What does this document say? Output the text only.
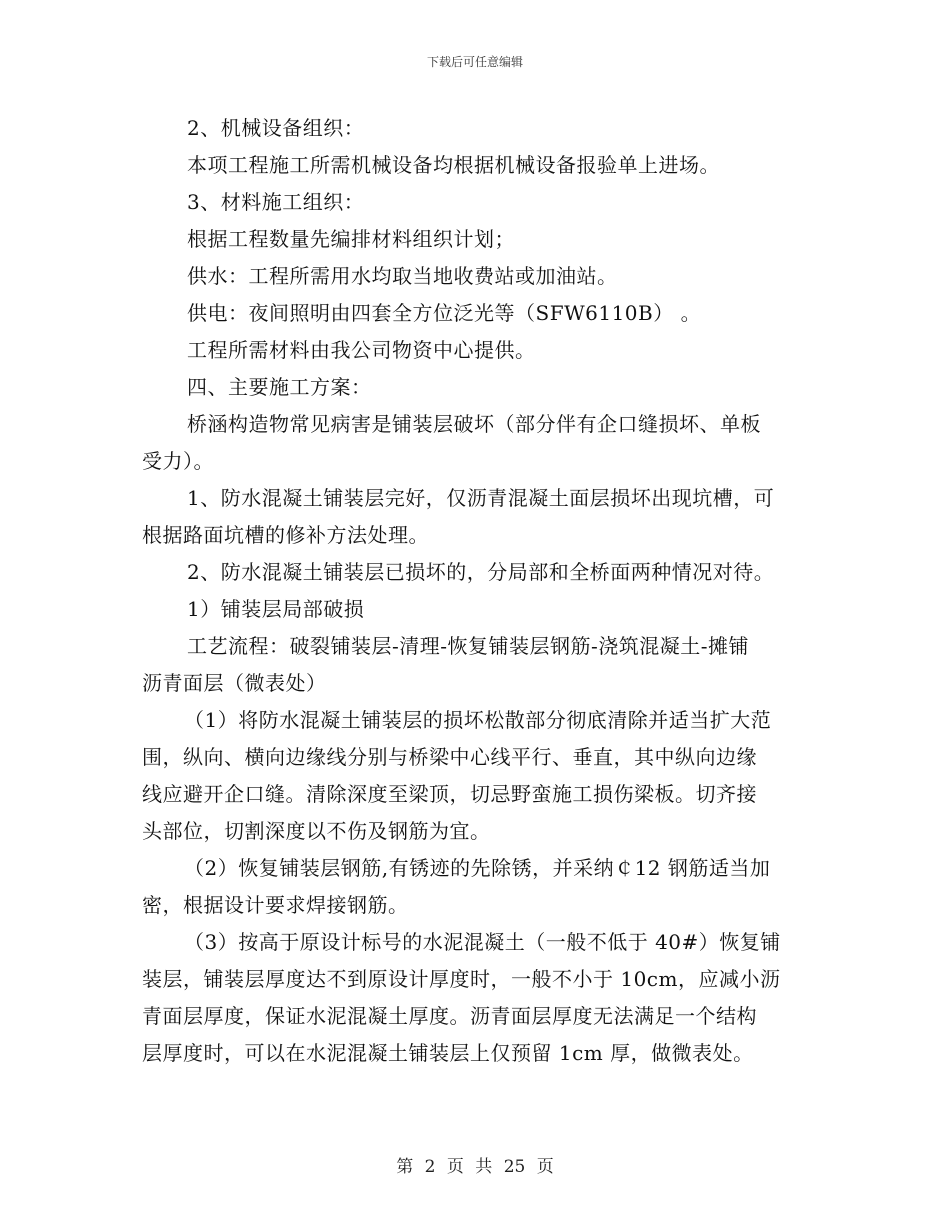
下载后可任意编辑
2、机械设备组织：
本项工程施工所需机械设备均根据机械设备报验单上进场。
3、材料施工组织：
根据工程数量先编排材料组织计划；
供水：工程所需用水均取当地收费站或加油站。
供电：夜间照明由四套全方位泛光等（SFW6110B） 。
工程所需材料由我公司物资中心提供。
四、主要施工方案：
桥涵构造物常见病害是铺装层破坏（部分伴有企口缝损坏、单板
受力）。
1、防水混凝土铺装层完好，仅沥青混凝土面层损坏出现坑槽，可
根据路面坑槽的修补方法处理。
2、防水混凝土铺装层已损坏的，分局部和全桥面两种情况对待。
1）铺装层局部破损
工艺流程：破裂铺装层-清理-恢复铺装层钢筋-浇筑混凝土-摊铺
沥青面层（微表处）
（1）将防水混凝土铺装层的损坏松散部分彻底清除并适当扩大范
围，纵向、横向边缘线分别与桥梁中心线平行、垂直，其中纵向边缘
线应避开企口缝。清除深度至梁顶，切忌野蛮施工损伤梁板。切齐接
头部位，切割深度以不伤及钢筋为宜。
（2）恢复铺装层钢筋,有锈迹的先除锈，并采纳￠12 钢筋适当加
密，根据设计要求焊接钢筋。
（3）按高于原设计标号的水泥混凝土（一般不低于 40#）恢复铺
装层，铺装层厚度达不到原设计厚度时，一般不小于 10cm，应减小沥
青面层厚度，保证水泥混凝土厚度。沥青面层厚度无法满足一个结构
层厚度时，可以在水泥混凝土铺装层上仅预留 1cm 厚，做微表处。
第 2 页 共 25 页
